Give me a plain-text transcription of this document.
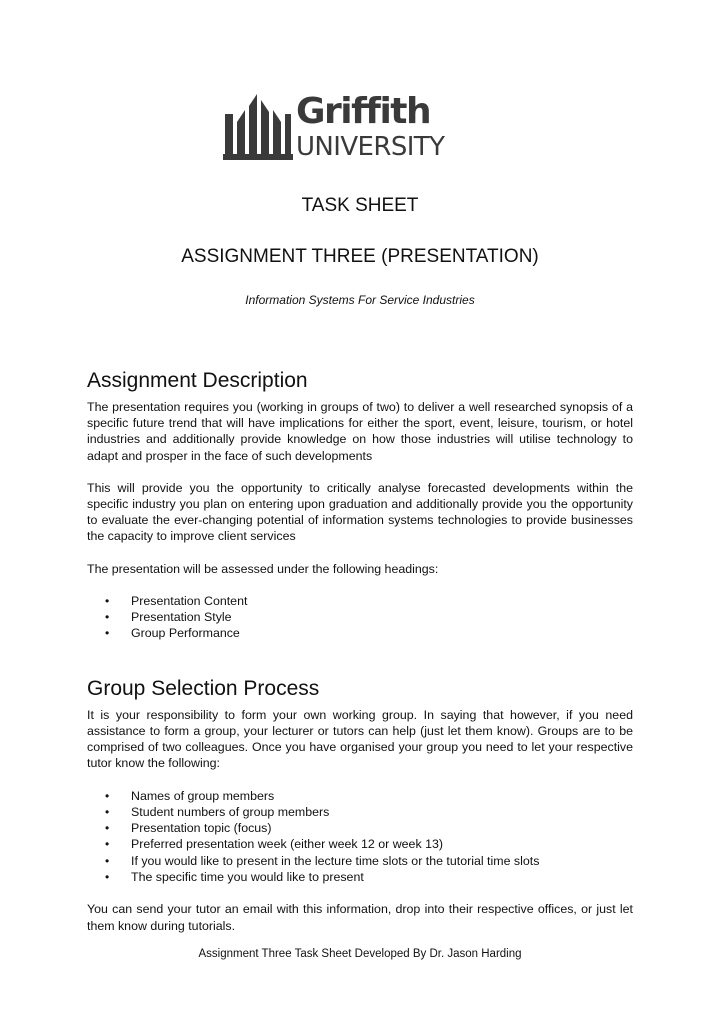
Griffith
UNIVERSITY
TASK SHEET
ASSIGNMENT THREE (PRESENTATION)
Information Systems For Service Industries
Assignment Description

The presentation requires you (working in groups of two) to deliver a well researched synopsis of a specific future trend that will have implications for either the sport, event, leisure, tourism, or hotel industries and additionally provide knowledge on how those industries will utilise technology to adapt and prosper in the face of such developments

This will provide you the opportunity to critically analyse forecasted developments within the specific industry you plan on entering upon graduation and additionally provide you the opportunity to evaluate the ever-changing potential of information systems technologies to provide businesses the capacity to improve client services

The presentation will be assessed under the following headings:

• Presentation Content
• Presentation Style
• Group Performance
Group Selection Process

It is your responsibility to form your own working group. In saying that however, if you need assistance to form a group, your lecturer or tutors can help (just let them know). Groups are to be comprised of two colleagues. Once you have organised your group you need to let your respective tutor know the following:

• Names of group members
• Student numbers of group members
• Presentation topic (focus)
• Preferred presentation week (either week 12 or week 13)
• If you would like to present in the lecture time slots or the tutorial time slots
• The specific time you would like to present

You can send your tutor an email with this information, drop into their respective offices, or just let them know during tutorials.

Assignment Three Task Sheet Developed By Dr. Jason Harding
